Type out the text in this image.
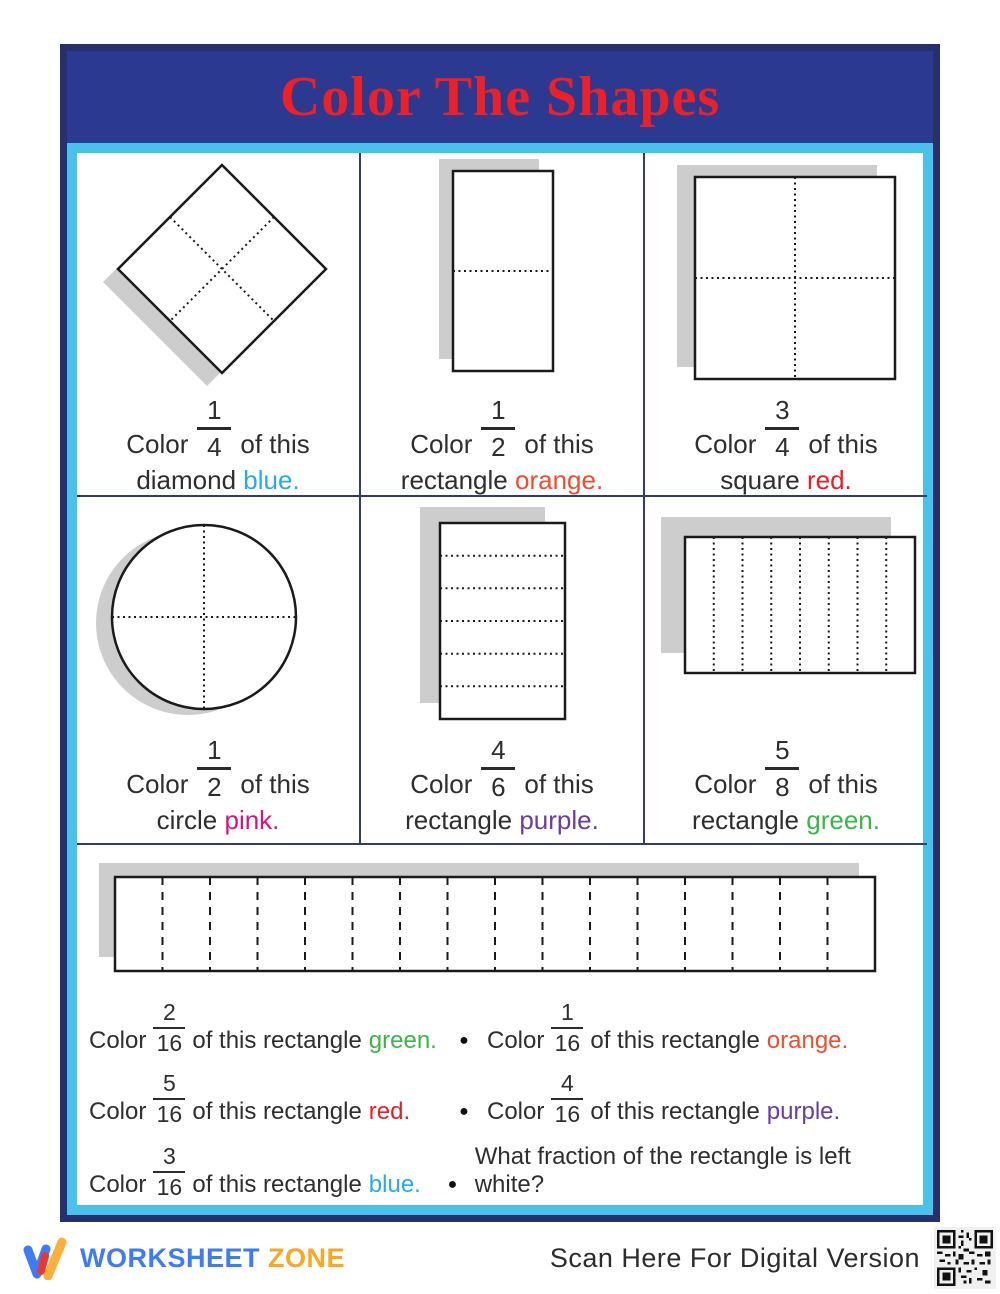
Color The Shapes
Color $\frac{1}{4}$ of this
diamond blue.
Color $\frac{1}{2}$ of this
rectangle orange.
Color $\frac{3}{4}$ of this
square red.
Color $\frac{1}{2}$ of this
circle pink.
Color $\frac{4}{6}$ of this
rectangle purple.
Color $\frac{5}{8}$ of this
rectangle green.
Color $\frac{2}{16}$ of this rectangle green.	● Color $\frac{1}{16}$ of this rectangle orange.
Color $\frac{5}{16}$ of this rectangle red.	● Color $\frac{4}{16}$ of this rectangle purple.
Color $\frac{3}{16}$ of this rectangle blue.	●
What fraction of the rectangle is left white?
WORKSHEET ZONE	Scan Here For Digital Version
